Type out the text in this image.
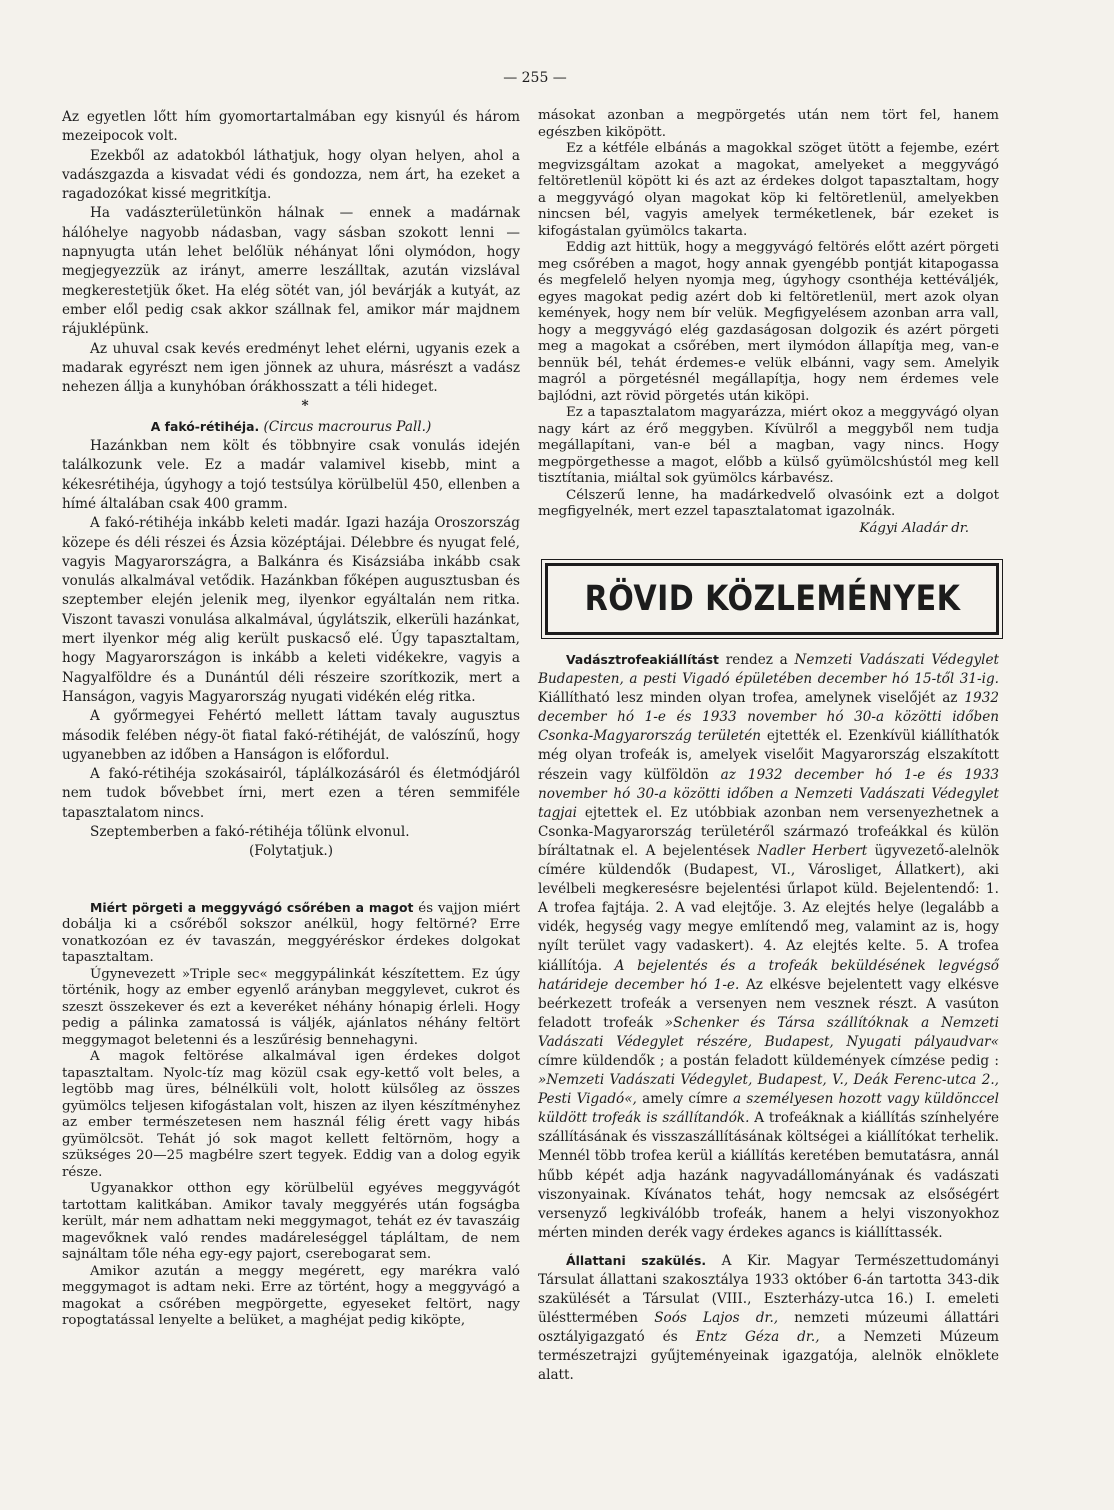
— 255 —

Az egyetlen lőtt hím gyomortartalmában egy kisnyúl és három mezeipocok volt.

Ezekből az adatokból láthatjuk, hogy olyan helyen, ahol a vadászgazda a kisvadat védi és gondozza, nem árt, ha ezeket a ragadozókat kissé megritkítja.

Ha vadászterületünkön hálnak — ennek a madárnak hálóhelye nagyobb nádasban, vagy sásban szokott lenni — napnyugta után lehet belőlük néhányat lőni olymódon, hogy megjegyezzük az irányt, amerre leszálltak, azután vizslával megkerestetjük őket. Ha elég sötét van, jól bevárják a kutyát, az ember elől pedig csak akkor szállnak fel, amikor már majdnem rájuklépünk.

Az uhuval csak kevés eredményt lehet elérni, ugyanis ezek a madarak egyrészt nem igen jönnek az uhura, másrészt a vadász nehezen állja a kunyhóban órákhosszatt a téli hideget.

*

A fakó-rétihéja. (Circus macrourus Pall.)

Hazánkban nem költ és többnyire csak vonulás idején találkozunk vele. Ez a madár valamivel kisebb, mint a kékesrétihéja, úgyhogy a tojó testsúlya körülbelül 450, ellenben a hímé általában csak 400 gramm.

A fakó-rétihéja inkább keleti madár. Igazi hazája Oroszország közepe és déli részei és Ázsia középtájai. Délebbre és nyugat felé, vagyis Magyarországra, a Balkánra és Kisázsiába inkább csak vonulás alkalmával vetődik. Hazánkban főképen augusztusban és szeptember elején jelenik meg, ilyenkor egyáltalán nem ritka. Viszont tavaszi vonulása alkalmával, úgylátszik, elkerüli hazánkat, mert ilyenkor még alig került puskacső elé. Úgy tapasztaltam, hogy Magyarországon is inkább a keleti vidékekre, vagyis a Nagyalföldre és a Dunántúl déli részeire szorítkozik, mert a Hanságon, vagyis Magyarország nyugati vidékén elég ritka.

A győrmegyei Fehértó mellett láttam tavaly augusztus második felében négy-öt fiatal fakó-rétihéját, de valószínű, hogy ugyanebben az időben a Hanságon is előfordul.

A fakó-rétihéja szokásairól, táplálkozásáról és életmódjáról nem tudok bővebbet írni, mert ezen a téren semmiféle tapasztalatom nincs.

Szeptemberben a fakó-rétihéja tőlünk elvonul.

(Folytatjuk.)

Miért pörgeti a meggyvágó csőrében a magot és vajjon miért dobálja ki a csőréből sokszor anélkül, hogy feltörné? Erre vonatkozóan ez év tavaszán, meggyéréskor érdekes dolgokat tapasztaltam.

Úgynevezett »Triple sec« meggypálinkát készítettem. Ez úgy történik, hogy az ember egyenlő arányban meggylevet, cukrot és szeszt összekever és ezt a keveréket néhány hónapig érleli. Hogy pedig a pálinka zamatossá is váljék, ajánlatos néhány feltört meggymagot beletenni és a leszűrésig bennehagyni.

A magok feltörése alkalmával igen érdekes dolgot tapasztaltam. Nyolc-tíz mag közül csak egy-kettő volt beles, a legtöbb mag üres, bélnélküli volt, holott külsőleg az összes gyümölcs teljesen kifogástalan volt, hiszen az ilyen készítményhez az ember természetesen nem használ félig érett vagy hibás gyümölcsöt. Tehát jó sok magot kellett feltörnöm, hogy a szükséges 20—25 magbélre szert tegyek. Eddig van a dolog egyik része.

Ugyanakkor otthon egy körülbelül egyéves meggyvágót tartottam kalitkában. Amikor tavaly meggyérés után fogságba került, már nem adhattam neki meggymagot, tehát ez év tavaszáig magevőknek való rendes madáreleséggel tápláltam, de nem sajnáltam tőle néha egy-egy pajort, cserebogarat sem.

Amikor azután a meggy megérett, egy marékra való meggymagot is adtam neki. Erre az történt, hogy a meggyvágó a magokat a csőrében megpörgette, egyeseket feltört, nagy ropogtatással lenyelte a belüket, a maghéjat pedig kiköpte,

másokat azonban a megpörgetés után nem tört fel, hanem egészben kiköpött.

Ez a kétféle elbánás a magokkal szöget ütött a fejembe, ezért megvizsgáltam azokat a magokat, amelyeket a meggyvágó feltöretlenül köpött ki és azt az érdekes dolgot tapasztaltam, hogy a meggyvágó olyan magokat köp ki feltöretlenül, amelyekben nincsen bél, vagyis amelyek terméketlenek, bár ezeket is kifogástalan gyümölcs takarta.

Eddig azt hittük, hogy a meggyvágó feltörés előtt azért pörgeti meg csőrében a magot, hogy annak gyengébb pontját kitapogassa és megfelelő helyen nyomja meg, úgyhogy csonthéja kettéváljék, egyes magokat pedig azért dob ki feltöretlenül, mert azok olyan kemények, hogy nem bír velük. Megfigyelésem azonban arra vall, hogy a meggyvágó elég gazdaságosan dolgozik és azért pörgeti meg a magokat a csőrében, mert ilymódon állapítja meg, van-e bennük bél, tehát érdemes-e velük elbánni, vagy sem. Amelyik magról a pörgetésnél megállapítja, hogy nem érdemes vele bajlódni, azt rövid pörgetés után kiköpi.

Ez a tapasztalatom magyarázza, miért okoz a meggyvágó olyan nagy kárt az érő meggyben. Kívülről a meggyből nem tudja megállapítani, van-e bél a magban, vagy nincs. Hogy megpörgethesse a magot, előbb a külső gyümölcshústól meg kell tisztítania, miáltal sok gyümölcs kárbavész.

Célszerű lenne, ha madárkedvelő olvasóink ezt a dolgot megfigyelnék, mert ezzel tapasztalatomat igazolnák.

Kágyi Aladár dr.

RÖVID KÖZLEMÉNYEK

Vadásztrofeakiállítást rendez a Nemzeti Vadászati Védegylet Budapesten, a pesti Vigadó épületében december hó 15-től 31-ig. Kiállítható lesz minden olyan trofea, amelynek viselőjét az 1932 december hó 1-e és 1933 november hó 30-a közötti időben Csonka-Magyarország területén ejtették el. Ezenkívül kiállíthatók még olyan trofeák is, amelyek viselőit Magyarország elszakított részein vagy külföldön az 1932 december hó 1-e és 1933 november hó 30-a közötti időben a Nemzeti Vadászati Védegylet tagjai ejtettek el. Ez utóbbiak azonban nem versenyezhetnek a Csonka-Magyarország területéről származó trofeákkal és külön bíráltatnak el. A bejelentések Nadler Herbert ügyvezető-alelnök címére küldendők (Budapest, VI., Városliget, Állatkert), aki levélbeli megkeresésre bejelentési űrlapot küld. Bejelentendő: 1. A trofea fajtája. 2. A vad elejtője. 3. Az elejtés helye (legalább a vidék, hegység vagy megye említendő meg, valamint az is, hogy nyílt terület vagy vadaskert). 4. Az elejtés kelte. 5. A trofea kiállítója. A bejelentés és a trofeák beküldésének legvégső határideje december hó 1-e. Az elkésve bejelentett vagy elkésve beérkezett trofeák a versenyen nem vesznek részt. A vasúton feladott trofeák »Schenker és Társa szállítóknak a Nemzeti Vadászati Védegylet részére, Budapest, Nyugati pályaudvar« címre küldendők ; a postán feladott küldemények címzése pedig : »Nemzeti Vadászati Védegylet, Budapest, V., Deák Ferenc-utca 2., Pesti Vigadó«, amely címre a személyesen hozott vagy küldönccel küldött trofeák is szállítandók. A trofeáknak a kiállítás színhelyére szállításának és visszaszállításának költségei a kiállítókat terhelik. Mennél több trofea kerül a kiállítás keretében bemutatásra, annál hűbb képét adja hazánk nagyvadállományának és vadászati viszonyainak. Kívánatos tehát, hogy nemcsak az elsőségért versenyző legkiválóbb trofeák, hanem a helyi viszonyokhoz mérten minden derék vagy érdekes agancs is kiállíttassék.

Állattani szakülés. A Kir. Magyar Természettudományi Társulat állattani szakosztálya 1933 október 6-án tartotta 343-dik szakülését a Társulat (VIII., Eszterházy-utca 16.) I. emeleti ülésttermében Soós Lajos dr., nemzeti múzeumi állattári osztályigazgató és Entz Géza dr., a Nemzeti Múzeum természetrajzi gyűjteményeinak igazgatója, alelnök elnöklete alatt.
